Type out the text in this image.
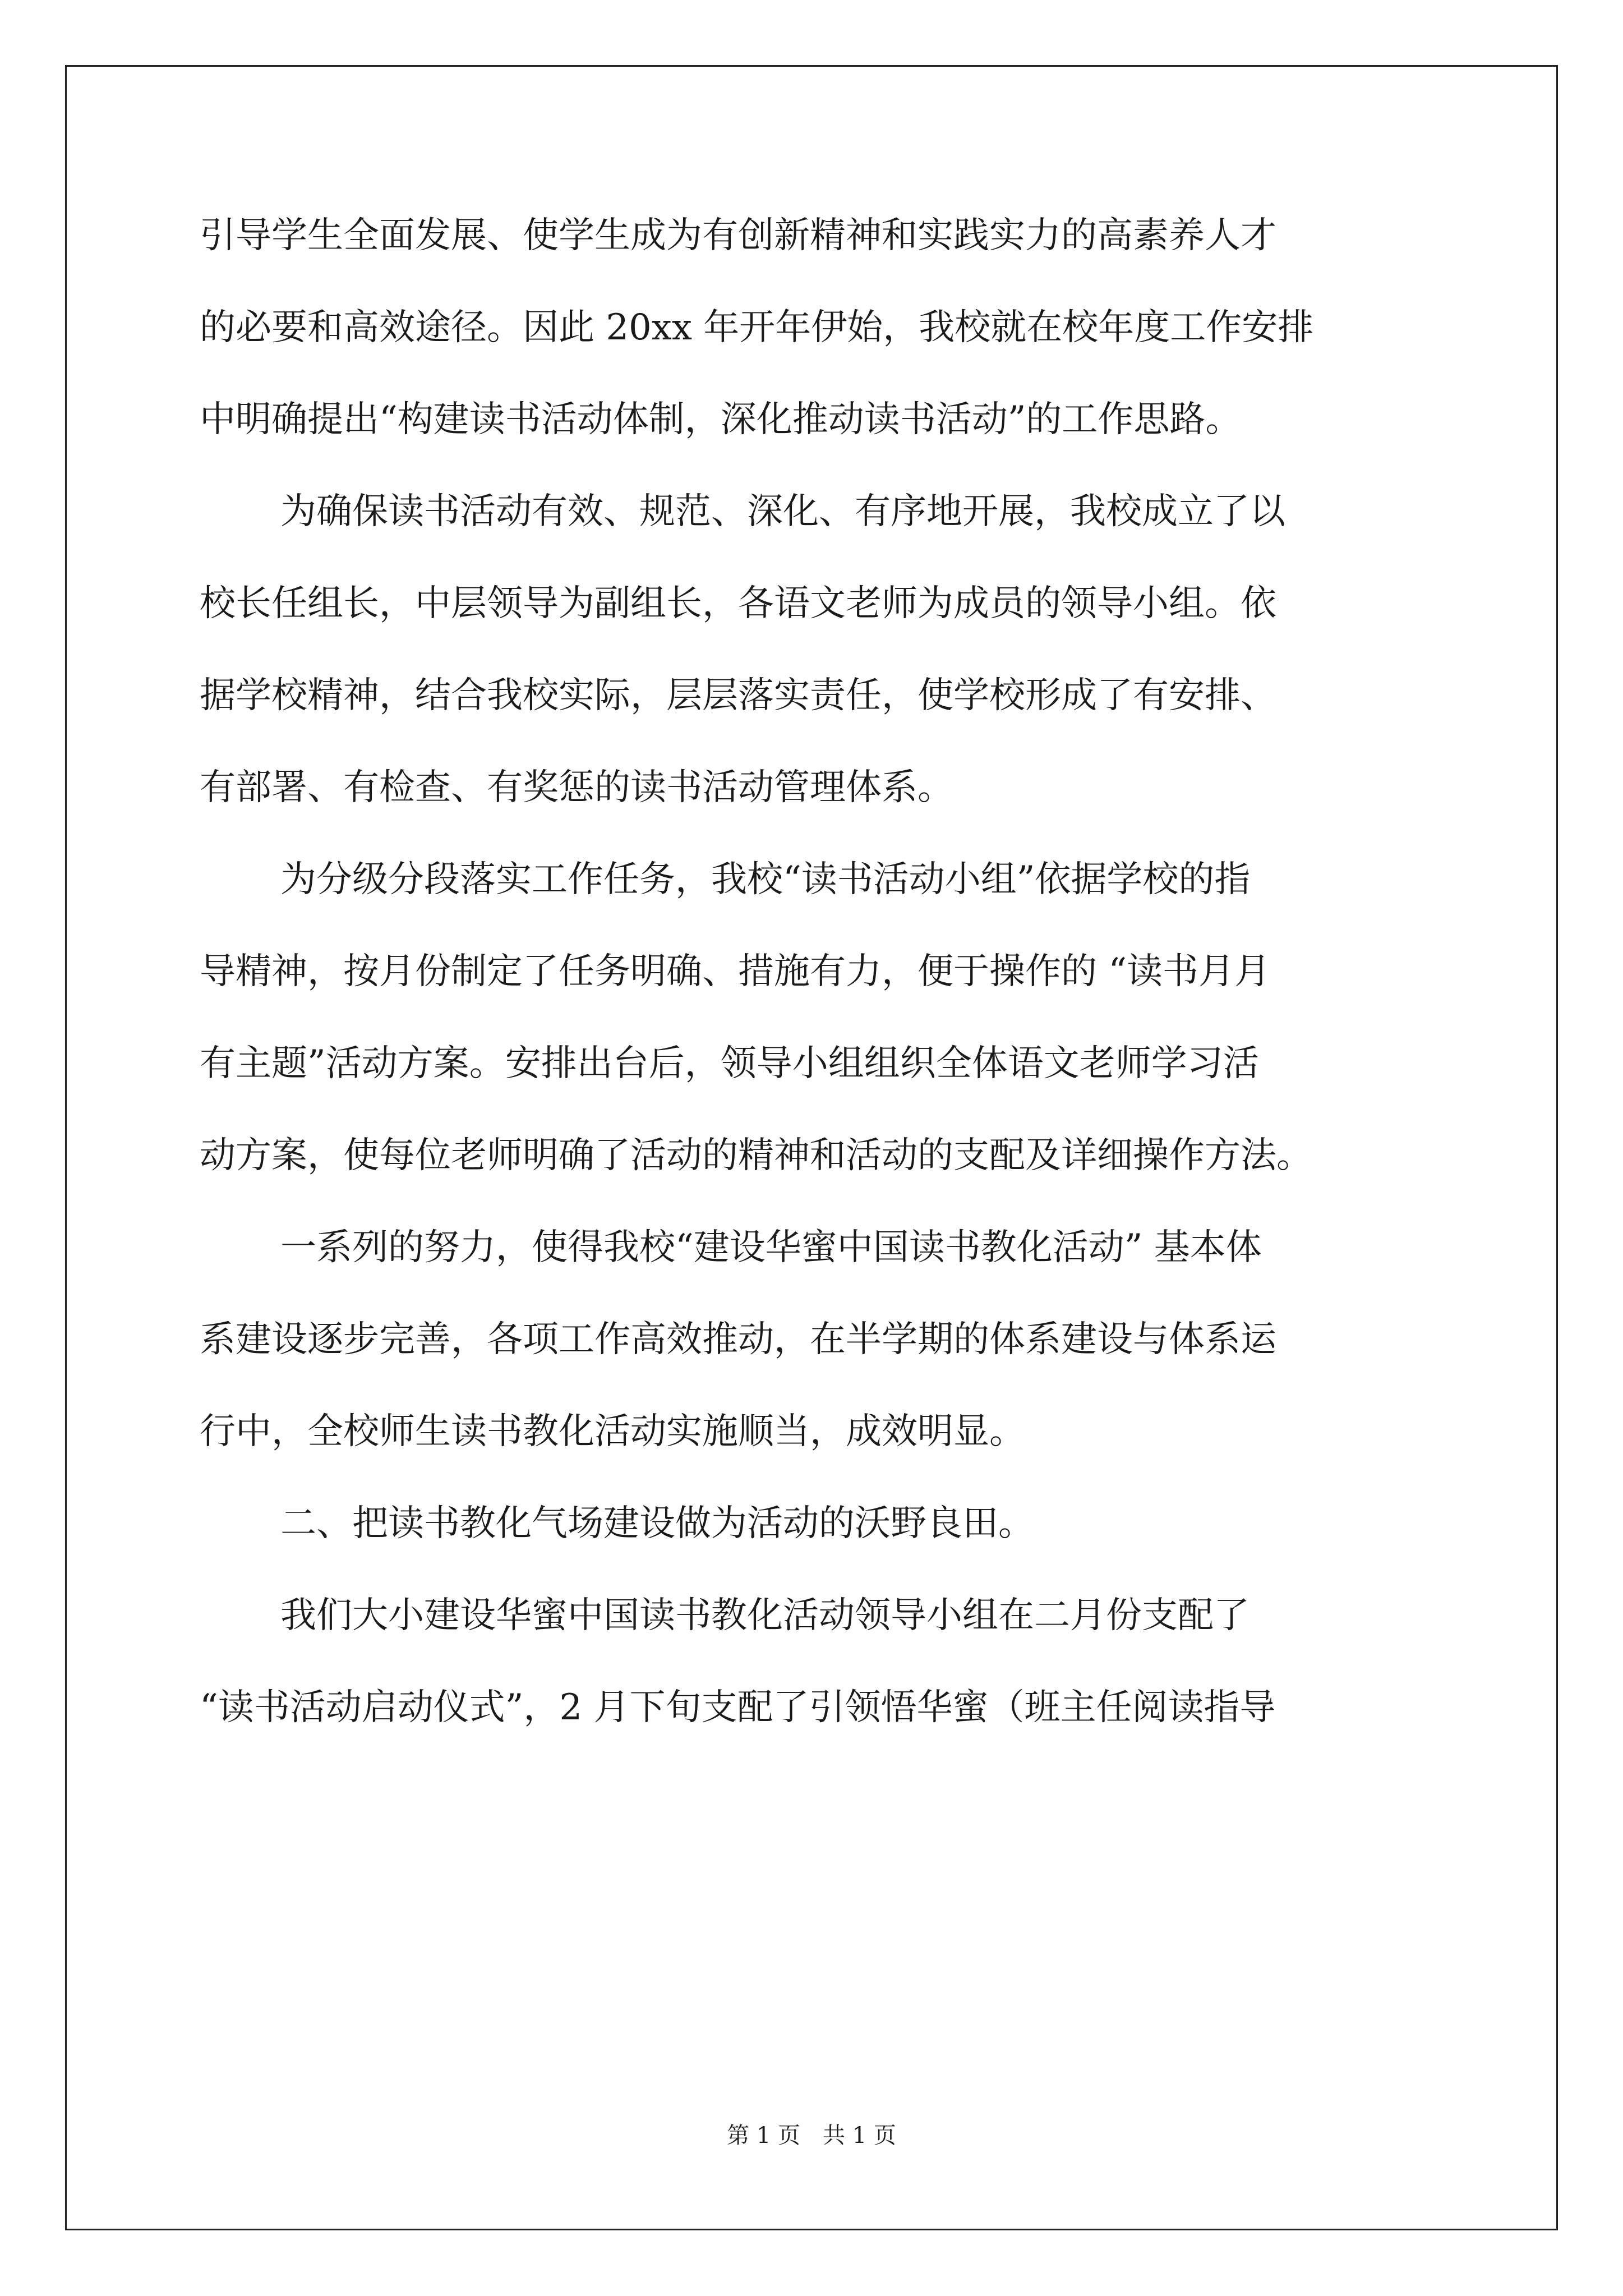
引导学生全面发展、使学生成为有创新精神和实践实力的高素养人才
的必要和高效途径。因此 20xx 年开年伊始，我校就在校年度工作安排
中明确提出“构建读书活动体制，深化推动读书活动”的工作思路。
为确保读书活动有效、规范、深化、有序地开展，我校成立了以
校长任组长，中层领导为副组长，各语文老师为成员的领导小组。依
据学校精神，结合我校实际，层层落实责任，使学校形成了有安排、
有部署、有检查、有奖惩的读书活动管理体系。
为分级分段落实工作任务，我校“读书活动小组”依据学校的指
导精神，按月份制定了任务明确、措施有力，便于操作的 “读书月月
有主题”活动方案。安排出台后，领导小组组织全体语文老师学习活
动方案，使每位老师明确了活动的精神和活动的支配及详细操作方法。
一系列的努力，使得我校“建设华蜜中国读书教化活动” 基本体
系建设逐步完善，各项工作高效推动，在半学期的体系建设与体系运
行中，全校师生读书教化活动实施顺当，成效明显。
二、把读书教化气场建设做为活动的沃野良田。
我们大小建设华蜜中国读书教化活动领导小组在二月份支配了
“读书活动启动仪式”，2 月下旬支配了引领悟华蜜（班主任阅读指导
第 1 页　共 1 页
